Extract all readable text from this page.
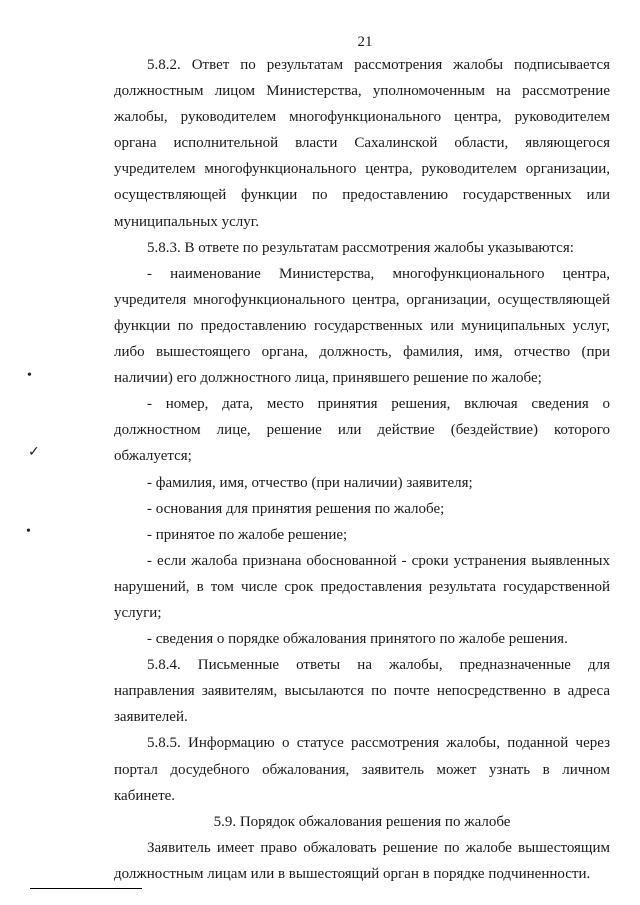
21

5.8.2. Ответ по результатам рассмотрения жалобы подписывается должностным лицом Министерства, уполномоченным на рассмотрение жалобы, руководителем многофункционального центра, руководителем органа исполнительной власти Сахалинской области, являющегося учредителем многофункционального центра, руководителем организации, осуществляющей функции по предоставлению государственных или муниципальных услуг.

5.8.3. В ответе по результатам рассмотрения жалобы указываются:

- наименование Министерства, многофункционального центра, учредителя многофункционального центра, организации, осуществляющей функции по предоставлению государственных или муниципальных услуг, либо вышестоящего органа, должность, фамилия, имя, отчество (при наличии) его должностного лица, принявшего решение по жалобе;

- номер, дата, место принятия решения, включая сведения о должностном лице, решение или действие (бездействие) которого обжалуется;

- фамилия, имя, отчество (при наличии) заявителя;

- основания для принятия решения по жалобе;

- принятое по жалобе решение;

- если жалоба признана обоснованной - сроки устранения выявленных нарушений, в том числе срок предоставления результата государственной услуги;

- сведения о порядке обжалования принятого по жалобе решения.

5.8.4. Письменные ответы на жалобы, предназначенные для направления заявителям, высылаются по почте непосредственно в адреса заявителей.

5.8.5. Информацию о статусе рассмотрения жалобы, поданной через портал досудебного обжалования, заявитель может узнать в личном кабинете.

5.9. Порядок обжалования решения по жалобе

Заявитель имеет право обжаловать решение по жалобе вышестоящим должностным лицам или в вышестоящий орган в порядке подчиненности.

•
✓
•
